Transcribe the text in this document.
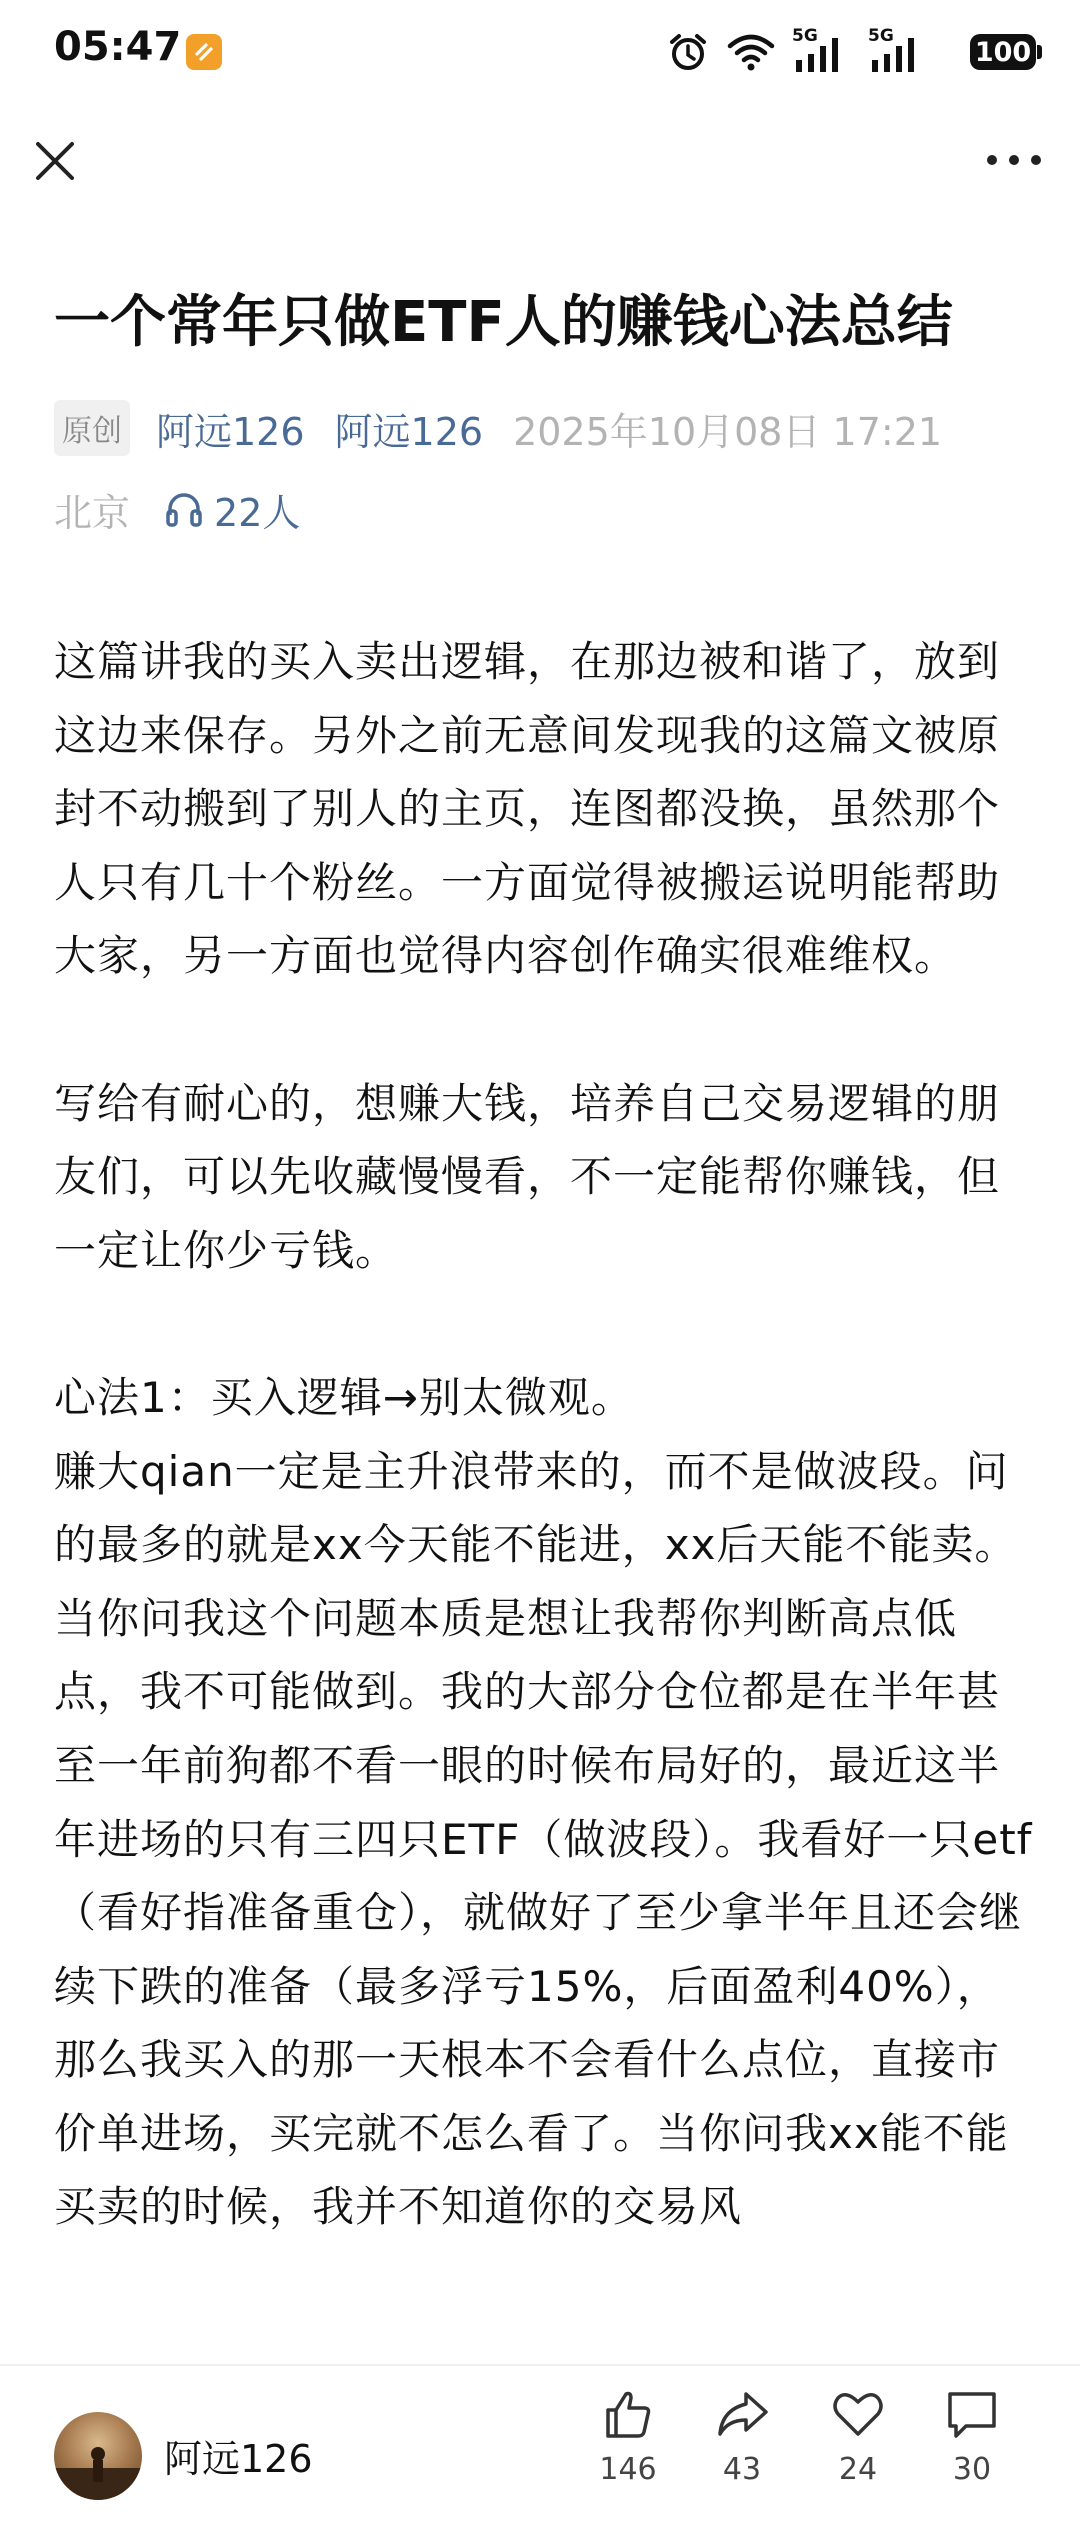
05:47	5G	5G
100
一个常年只做ETF人的赚钱心法总结
原创 阿远126 阿远126 2025年10月08日 17:21
北京 22人

这篇讲我的买入卖出逻辑，在那边被和谐了，放到这边来保存。另外之前无意间发现我的这篇文被原封不动搬到了别人的主页，连图都没换，虽然那个人只有几十个粉丝。一方面觉得被搬运说明能帮助大家，另一方面也觉得内容创作确实很难维权。

写给有耐心的，想赚大钱，培养自己交易逻辑的朋友们，可以先收藏慢慢看，不一定能帮你赚钱，但一定让你少亏钱。

心法1：买入逻辑→别太微观。

赚大qian一定是主升浪带来的，而不是做波段。问的最多的就是xx今天能不能进，xx后天能不能卖。当你问我这个问题本质是想让我帮你判断高点低点，我不可能做到。我的大部分仓位都是在半年甚至一年前狗都不看一眼的时候布局好的，最近这半年进场的只有三四只ETF（做波段）。我看好一只etf（看好指准备重仓），就做好了至少拿半年且还会继续下跌的准备（最多浮亏15%，后面盈利40%），那么我买入的那一天根本不会看什么点位，直接市价单进场，买完就不怎么看了。当你问我xx能不能买卖的时候，我并不知道你的交易风

阿远126	146	43	24	30
